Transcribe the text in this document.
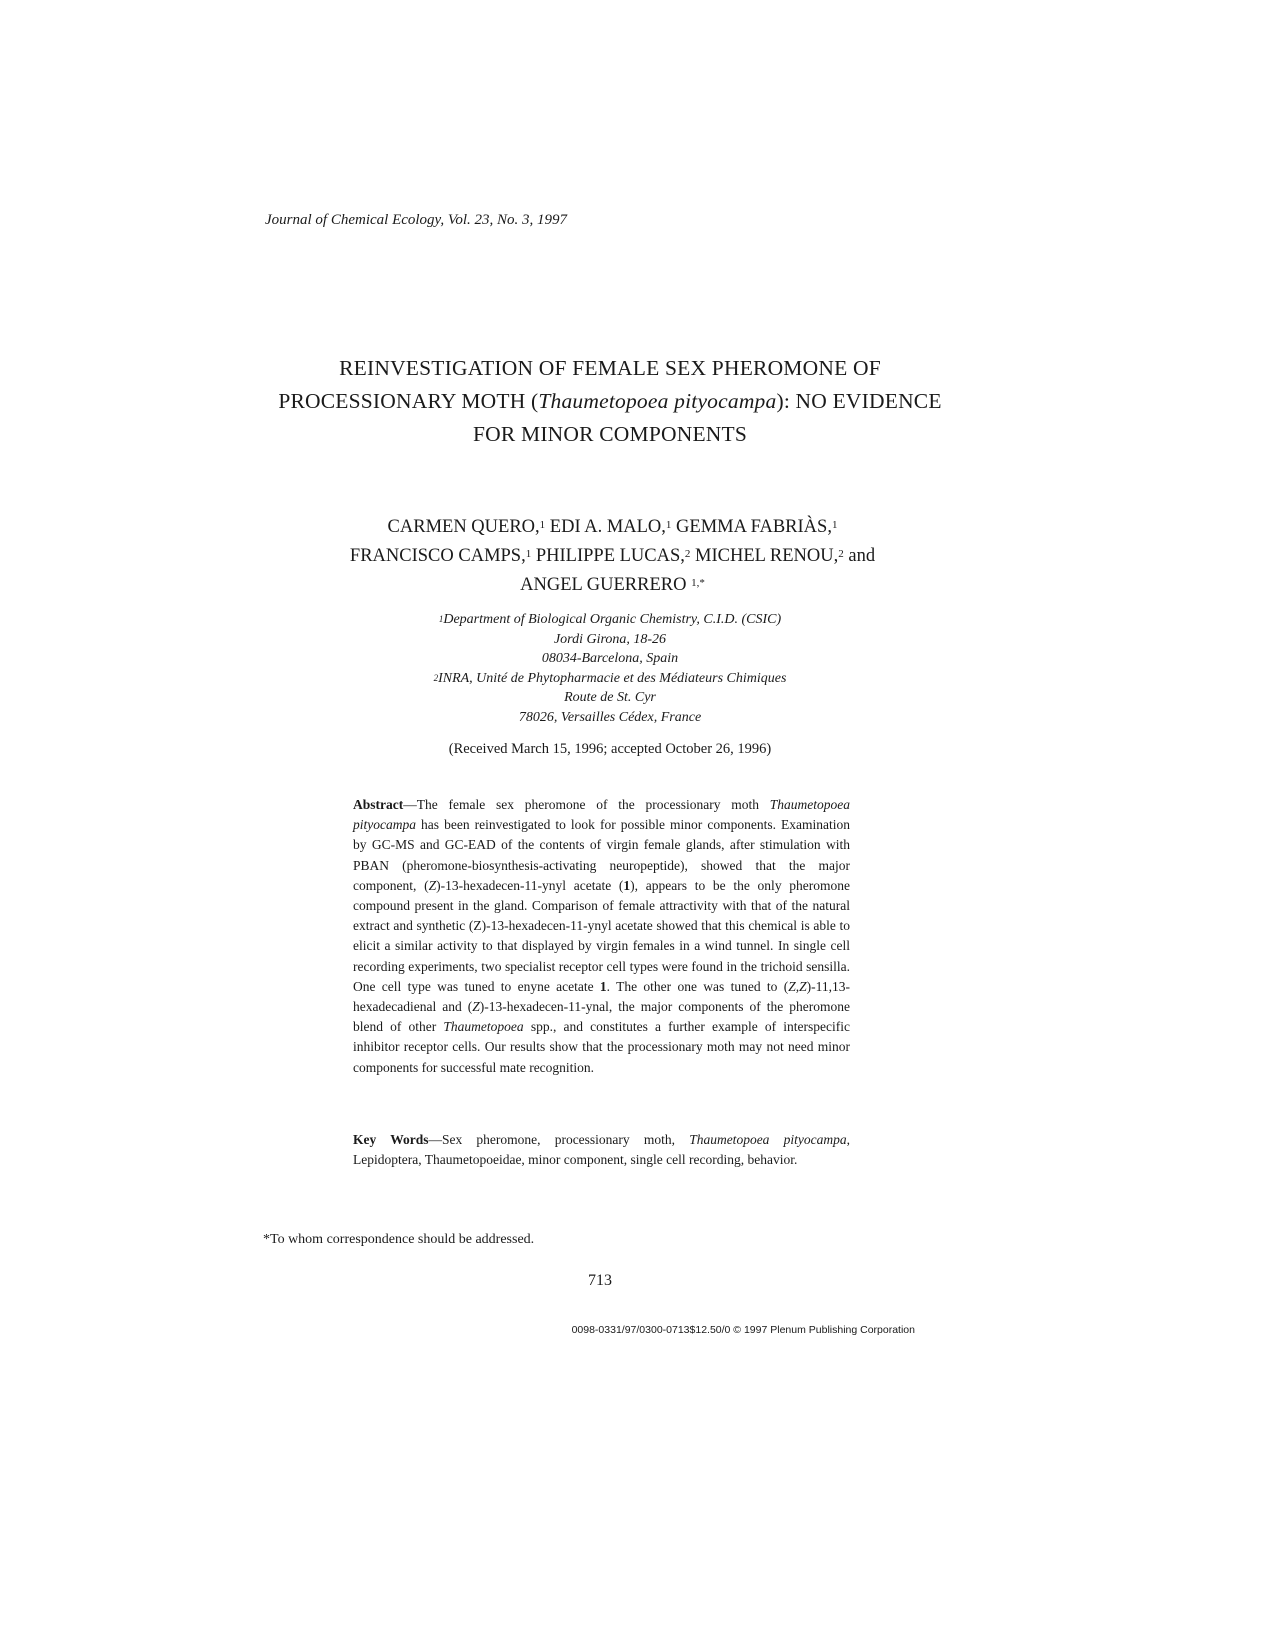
Journal of Chemical Ecology, Vol. 23, No. 3, 1997
REINVESTIGATION OF FEMALE SEX PHEROMONE OF PROCESSIONARY MOTH (Thaumetopoea pityocampa): NO EVIDENCE FOR MINOR COMPONENTS
CARMEN QUERO,$^1$ EDI A. MALO,$^1$ GEMMA FABRIÀS,$^1$
FRANCISCO CAMPS,$^1$ PHILIPPE LUCAS,$^2$ MICHEL RENOU,$^2$ and
ANGEL GUERRERO $^{1,*}$
$^1$Department of Biological Organic Chemistry, C.I.D. (CSIC)
Jordi Girona, 18-26
08034-Barcelona, Spain
$^2$INRA, Unité de Phytopharmacie et des Médiateurs Chimiques
Route de St. Cyr
78026, Versailles Cédex, France
(Received March 15, 1996; accepted October 26, 1996)
Abstract—The female sex pheromone of the processionary moth Thaumetopoea pityocampa has been reinvestigated to look for possible minor components. Examination by GC-MS and GC-EAD of the contents of virgin female glands, after stimulation with PBAN (pheromone-biosynthesis-activating neuropeptide), showed that the major component, (Z)-13-hexadecen-11-ynyl acetate (1), appears to be the only pheromone compound present in the gland. Comparison of female attractivity with that of the natural extract and synthetic (Z)-13-hexadecen-11-ynyl acetate showed that this chemical is able to elicit a similar activity to that displayed by virgin females in a wind tunnel. In single cell recording experiments, two specialist receptor cell types were found in the trichoid sensilla. One cell type was tuned to enyne acetate 1. The other one was tuned to (Z,Z)-11,13- hexadecadienal and (Z)-13-hexadecen-11-ynal, the major components of the pheromone blend of other Thaumetopoea spp., and constitutes a further example of interspecific inhibitor receptor cells. Our results show that the processionary moth may not need minor components for successful mate recognition.
Key Words—Sex pheromone, processionary moth, Thaumetopoea pityocampa, Lepidoptera, Thaumetopoeidae, minor component, single cell recording, behavior.
*To whom correspondence should be addressed.
713
0098-0331/97/0300-0713$12.50/0 © 1997 Plenum Publishing Corporation
